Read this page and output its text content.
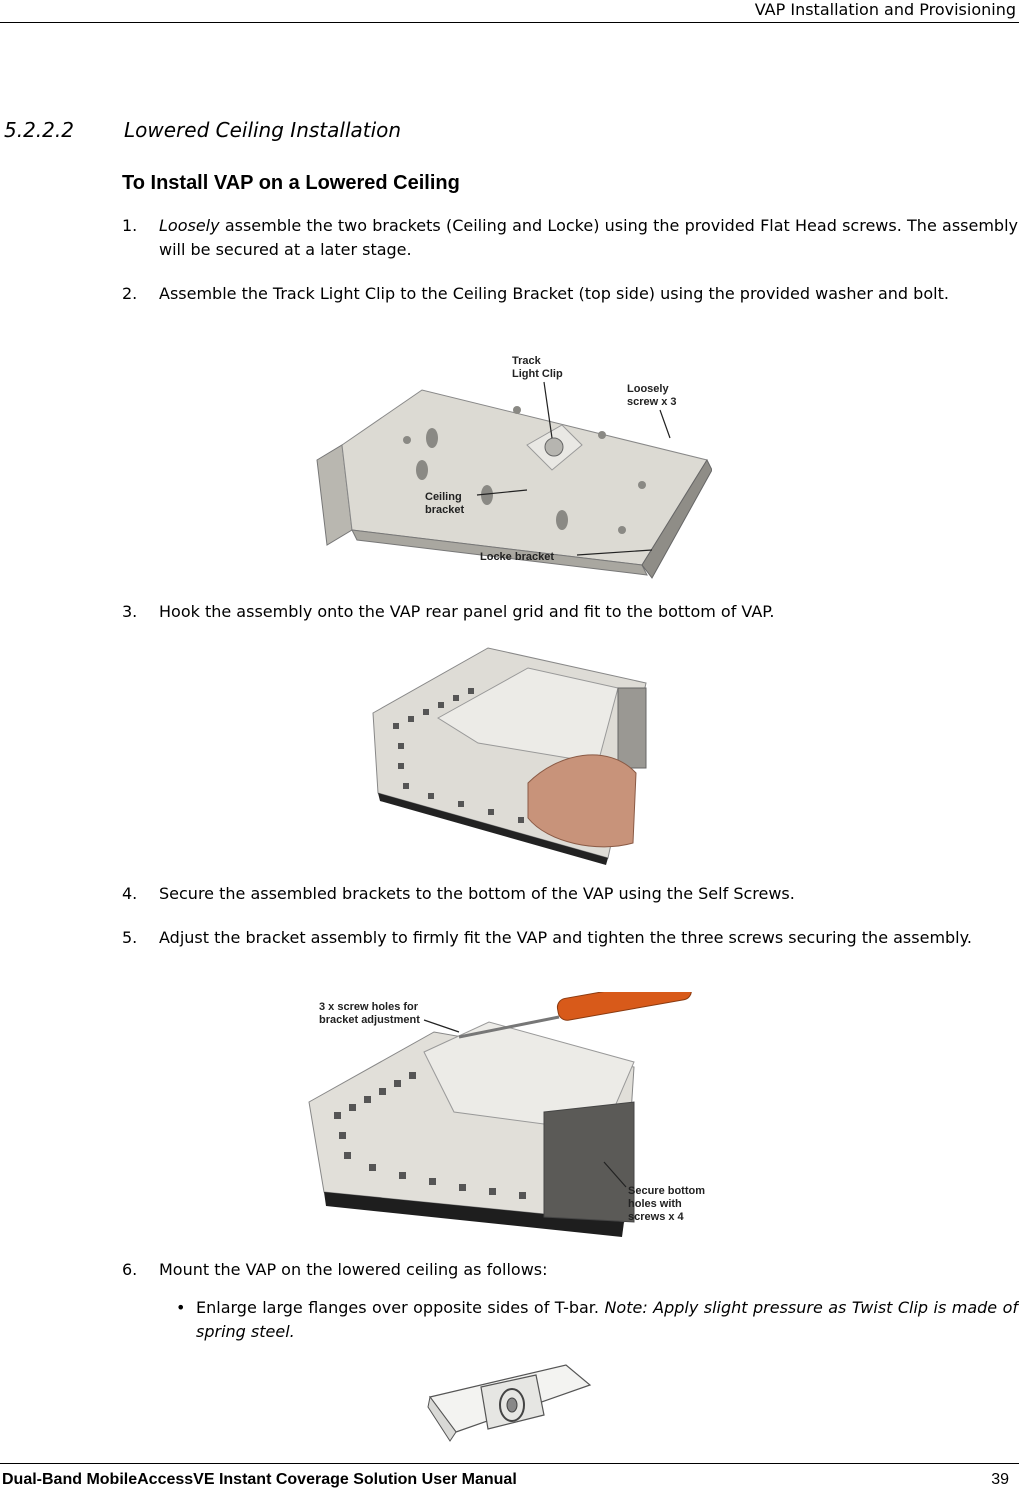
VAP Installation and Provisioning
5.2.2.2	Lowered Ceiling Installation
To Install VAP on a Lowered Ceiling
1. Loosely assemble the two brackets (Ceiling and Locke) using the provided Flat Head screws. The assembly will be secured at a later stage.
2. Assemble the Track Light Clip to the Ceiling Bracket (top side) using the provided washer and bolt.
Track
Light Clip
Loosely
screw x 3
Ceiling
bracket
Locke bracket
3. Hook the assembly onto the VAP rear panel grid and fit to the bottom of VAP.
4. Secure the assembled brackets to the bottom of the VAP using the Self Screws.
5. Adjust the bracket assembly to firmly fit the VAP and tighten the three screws securing the assembly.
3 x screw holes for
bracket adjustment
Secure bottom
holes with
screws x 4
6. Mount the VAP on the lowered ceiling as follows:
• Enlarge large flanges over opposite sides of T-bar. Note: Apply slight pressure as Twist Clip is made of spring steel.
Dual-Band MobileAccessVE Instant Coverage Solution User Manual	39
